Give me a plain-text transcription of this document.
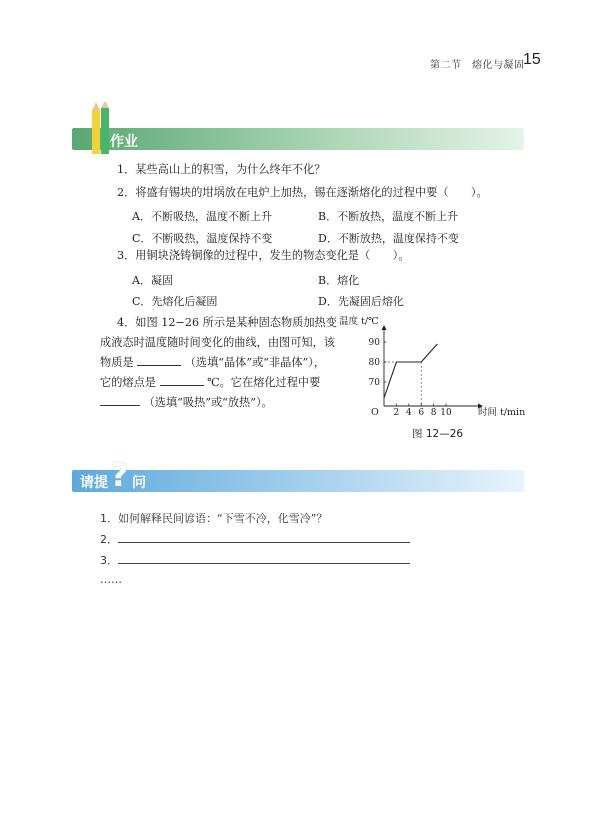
第二节　熔化与凝固
15
作业
1．某些高山上的积雪，为什么终年不化？
2．将盛有锡块的坩埚放在电炉上加热，锡在逐渐熔化的过程中要（　　）。
A．不断吸热，温度不断上升	B．不断放热，温度不断上升
C．不断吸热，温度保持不变	D．不断放热，温度保持不变
3．用铜块浇铸铜像的过程中，发生的物态变化是（　　）。
A．凝固	B．熔化
C．先熔化后凝固	D．先凝固后熔化
4．如图 12−26 所示是某种固态物质加热变
成液态时温度随时间变化的曲线，由图可知，该
物质是	（选填“晶体”或“非晶体”），
它的熔点是	℃。它在熔化过程中要
（选填“吸热”或“放热”）。
温度 t/℃
时间 t/min
O 2 4 6 8 10
70
80
90
图 12—26
请提 ? 问
1．如何解释民间谚语：“下雪不冷，化雪冷”？
2．
3．
……
